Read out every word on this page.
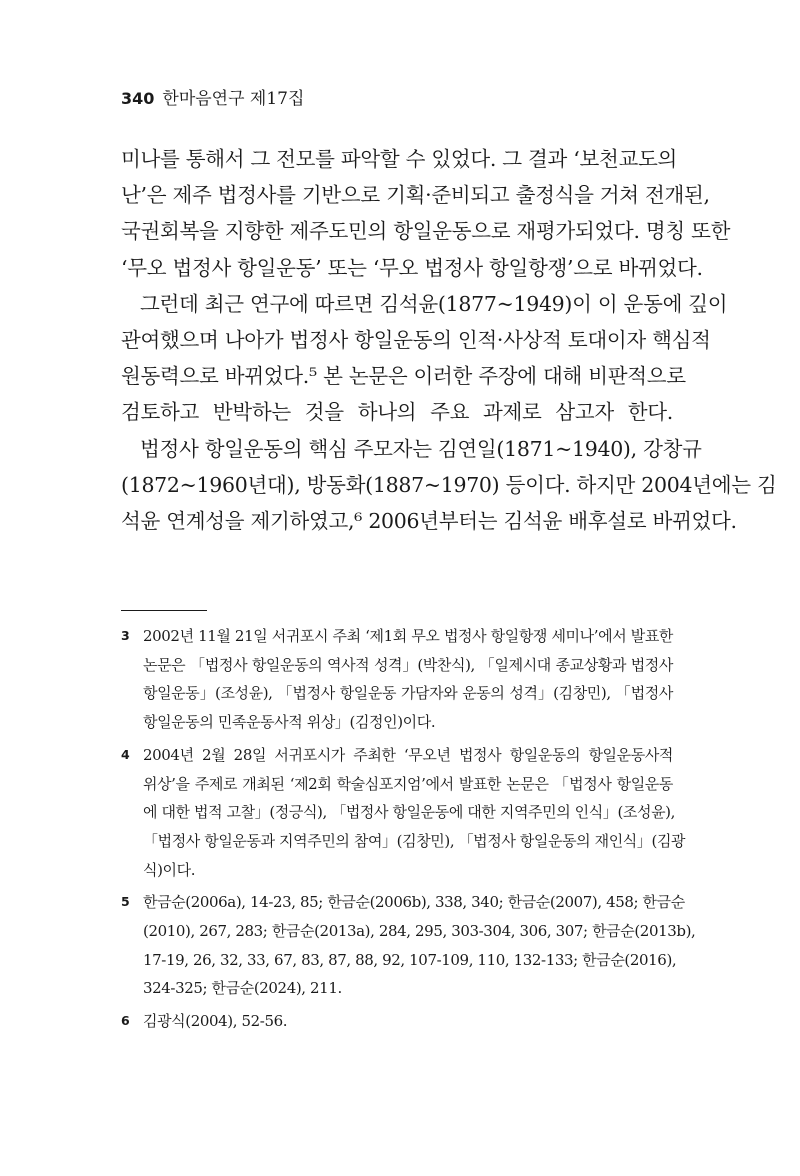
340 한마음연구 제17집
미나를 통해서 그 전모를 파악할 수 있었다. 그 결과 ‘보천교도의
난’은 제주 법정사를 기반으로 기획·준비되고 출정식을 거쳐 전개된,
국권회복을 지향한 제주도민의 항일운동으로 재평가되었다. 명칭 또한
‘무오 법정사 항일운동’ 또는 ‘무오 법정사 항일항쟁’으로 바뀌었다.
그런데 최근 연구에 따르면 김석윤(1877~1949)이 이 운동에 깊이
관여했으며 나아가 법정사 항일운동의 인적·사상적 토대이자 핵심적
원동력으로 바뀌었다.⁵ 본 논문은 이러한 주장에 대해 비판적으로
검토하고 반박하는 것을 하나의 주요 과제로 삼고자 한다.
법정사 항일운동의 핵심 주모자는 김연일(1871~1940), 강창규
(1872~1960년대), 방동화(1887~1970) 등이다. 하지만 2004년에는 김
석윤 연계성을 제기하였고,⁶ 2006년부터는 김석윤 배후설로 바뀌었다.
3 2002년 11월 21일 서귀포시 주최 ‘제1회 무오 법정사 항일항쟁 세미나’에서 발표한
논문은 「법정사 항일운동의 역사적 성격」(박찬식), 「일제시대 종교상황과 법정사
항일운동」(조성윤), 「법정사 항일운동 가담자와 운동의 성격」(김창민), 「법정사
항일운동의 민족운동사적 위상」(김정인)이다.
4 2004년 2월 28일 서귀포시가 주최한 ‘무오년 법정사 항일운동의 항일운동사적
위상’을 주제로 개최된 ‘제2회 학술심포지엄’에서 발표한 논문은 「법정사 항일운동
에 대한 법적 고찰」(정긍식), 「법정사 항일운동에 대한 지역주민의 인식」(조성윤),
「법정사 항일운동과 지역주민의 참여」(김창민), 「법정사 항일운동의 재인식」(김광
식)이다.
5 한금순(2006a), 14-23, 85; 한금순(2006b), 338, 340; 한금순(2007), 458; 한금순
(2010), 267, 283; 한금순(2013a), 284, 295, 303-304, 306, 307; 한금순(2013b),
17-19, 26, 32, 33, 67, 83, 87, 88, 92, 107-109, 110, 132-133; 한금순(2016),
324-325; 한금순(2024), 211.
6 김광식(2004), 52-56.
